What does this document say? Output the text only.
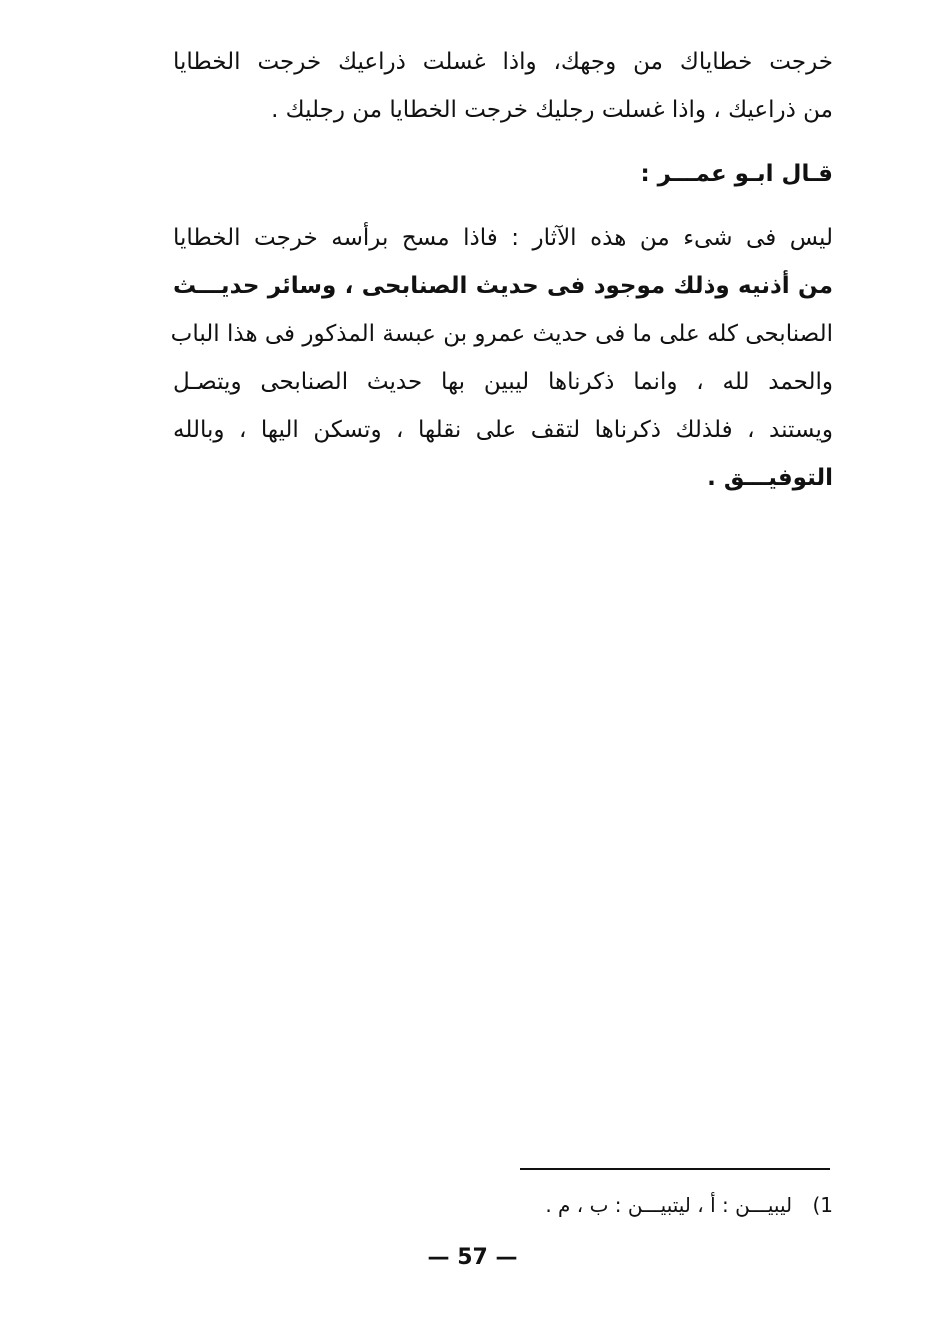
خرجت خطاياك من وجهك، واذا غسلت ذراعيك خرجت الخطايا
من ذراعيك ، واذا غسلت رجليك خرجت الخطايا من رجليك .
قـال ابـو عمـــر :
ليس فى شىء من هذه الآثار : فاذا مسح برأسه خرجت الخطايا
من أذنيه وذلك موجود فى حديث الصنابحى ، وسائر حديـــث
الصنابحى كله على ما فى حديث عمرو بن عبسة المذكور فى هذا الباب
والحمد لله ، وانما ذكرناها ليبين بها حديث الصنابحى ويتصـل
ويستند ، فلذلك ذكرناها لتقف على نقلها ، وتسكن اليها ، وبالله
التوفيـــق .
1) ليبيـــن : أ ، ليتبيـــن : ب ، م .
— 57 —
